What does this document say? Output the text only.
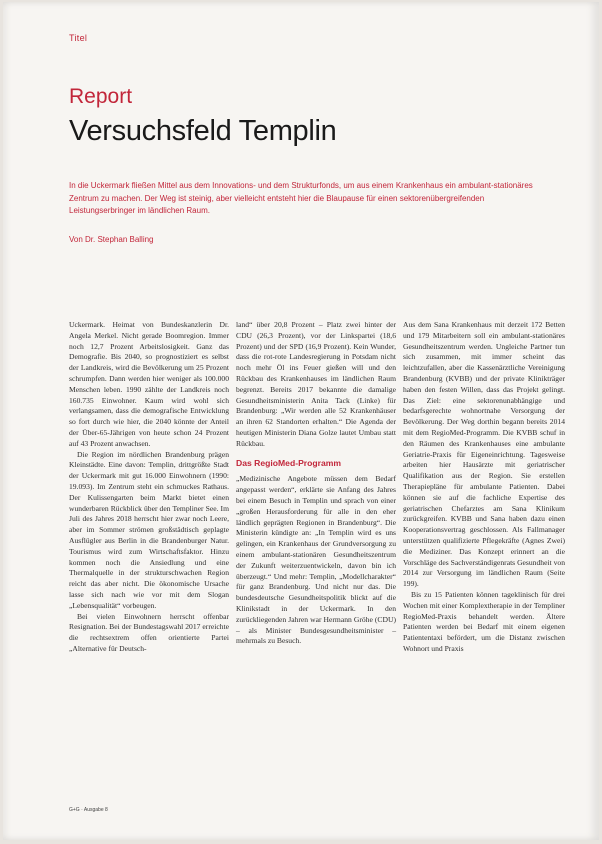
Titel
Report
Versuchsfeld Templin
In die Uckermark fließen Mittel aus dem Innovations- und dem Strukturfonds, um aus einem Krankenhaus ein ambulant-stationäres Zentrum zu machen. Der Weg ist steinig, aber vielleicht entsteht hier die Blaupause für einen sektorenübergreifenden Leistungserbringer im ländlichen Raum.
Von Dr. Stephan Balling

Uckermark. Heimat von Bundeskanzlerin Dr. Angela Merkel. Nicht gerade Boomregion. Immer noch 12,7 Prozent Arbeitslosigkeit. Ganz das Demografie. Bis 2040, so prognostiziert es selbst der Landkreis, wird die Bevölkerung um 25 Prozent schrumpfen. Dann werden hier weniger als 100.000 Menschen leben. 1990 zählte der Landkreis noch 160.735 Einwohner. Kaum wird wohl sich verlangsamen, dass die demografische Entwicklung so fort durch wie hier, die 2040 könnte der Anteil der Über-65-Jährigen von heute schon 24 Prozent auf 43 Prozent anwachsen.

Die Region im nördlichen Brandenburg prägen Kleinstädte. Eine davon: Templin, drittgrößte Stadt der Uckermark mit gut 16.000 Einwohnern (1990: 19.093). Im Zentrum steht ein schmuckes Rathaus. Der Kulissengarten beim Markt bietet einen wunderbaren Rückblick über den Templiner See. Im Juli des Jahres 2018 herrscht hier zwar noch Leere, aber im Sommer strömen großstädtisch geplagte Ausflügler aus Berlin in die Brandenburger Natur. Tourismus wird zum Wirtschaftsfaktor. Hinzu kommen noch die Ansiedlung und eine Thermalquelle in der strukturschwachen Region reicht das aber nicht. Die ökonomische Ursache lasse sich nach wie vor mit dem Slogan „Lebensqualität“ vorbeugen.

Bei vielen Einwohnern herrscht offenbar Resignation. Bei der Bundestagswahl 2017 erreichte die rechtsextrem offen orientierte Partei „Alternative für Deutsch-

land“ über 20,8 Prozent – Platz zwei hinter der CDU (26,3 Prozent), vor der Linkspartei (18,6 Prozent) und der SPD (16,9 Prozent). Kein Wunder, dass die rot-rote Landesregierung in Potsdam nicht noch mehr Öl ins Feuer gießen will und den Rückbau des Krankenhauses im ländlichen Raum begrenzt. Bereits 2017 bekannte die damalige Gesundheitsministerin Anita Tack (Linke) für Brandenburg: „Wir werden alle 52 Krankenhäuser an ihren 62 Standorten erhalten.“ Die Agenda der heutigen Ministerin Diana Golze lautet Umbau statt Rückbau.

Das RegioMed-Programm

„Medizinische Angebote müssen dem Bedarf angepasst werden“, erklärte sie Anfang des Jahres bei einem Besuch in Templin und sprach von einer „großen Herausforderung für alle in den eher ländlich geprägten Regionen in Brandenburg“. Die Ministerin kündigte an: „In Templin wird es uns gelingen, ein Krankenhaus der Grundversorgung zu einem ambulant-stationären Gesundheitszentrum der Zukunft weiterzuentwickeln, davon bin ich überzeugt.“ Und mehr: Templin, „Modellcharakter“ für ganz Brandenburg. Und nicht nur das. Die bundesdeutsche Gesundheitspolitik blickt auf die Klinikstadt in der Uckermark. In den zurückliegenden Jahren war Hermann Gröhe (CDU) – als Minister Bundesgesundheitsminister – mehrmals zu Besuch.

Aus dem Sana Krankenhaus mit derzeit 172 Betten und 179 Mitarbeitern soll ein ambulant-stationäres Gesundheitszentrum werden. Ungleiche Partner tun sich zusammen, mit immer scheint das leichtzufallen, aber die Kassenärztliche Vereinigung Brandenburg (KVBB) und der private Klinikträger haben den festen Willen, dass das Projekt gelingt. Das Ziel: eine sektorenunabhängige und bedarfsgerechte wohnortnahe Versorgung der Bevölkerung. Der Weg dorthin begann bereits 2014 mit dem RegioMed-Programm. Die KVBB schuf in den Räumen des Krankenhauses eine ambulante Geriatrie-Praxis für Eigeneinrichtung. Tagesweise arbeiten hier Hausärzte mit geriatrischer Qualifikation aus der Region. Sie erstellen Therapiepläne für ambulante Patienten. Dabei können sie auf die fachliche Expertise des geriatrischen Chefarztes am Sana Klinikum zurückgreifen. KVBB und Sana haben dazu einen Kooperationsvertrag geschlossen. Als Fallmanager unterstützen qualifizierte Pflegekräfte (Agnes Zwei) die Mediziner. Das Konzept erinnert an die Vorschläge des Sachverständigenrats Gesundheit von 2014 zur Versorgung im ländlichen Raum (Seite 199).

Bis zu 15 Patienten können tageklinisch für drei Wochen mit einer Komplextherapie in der Templiner RegioMed-Praxis behandelt werden. Ältere Patienten werden bei Bedarf mit einem eigenen Patiententaxi befördert, um die Distanz zwischen Wohnort und Praxis

G+G · Ausgabe 8
